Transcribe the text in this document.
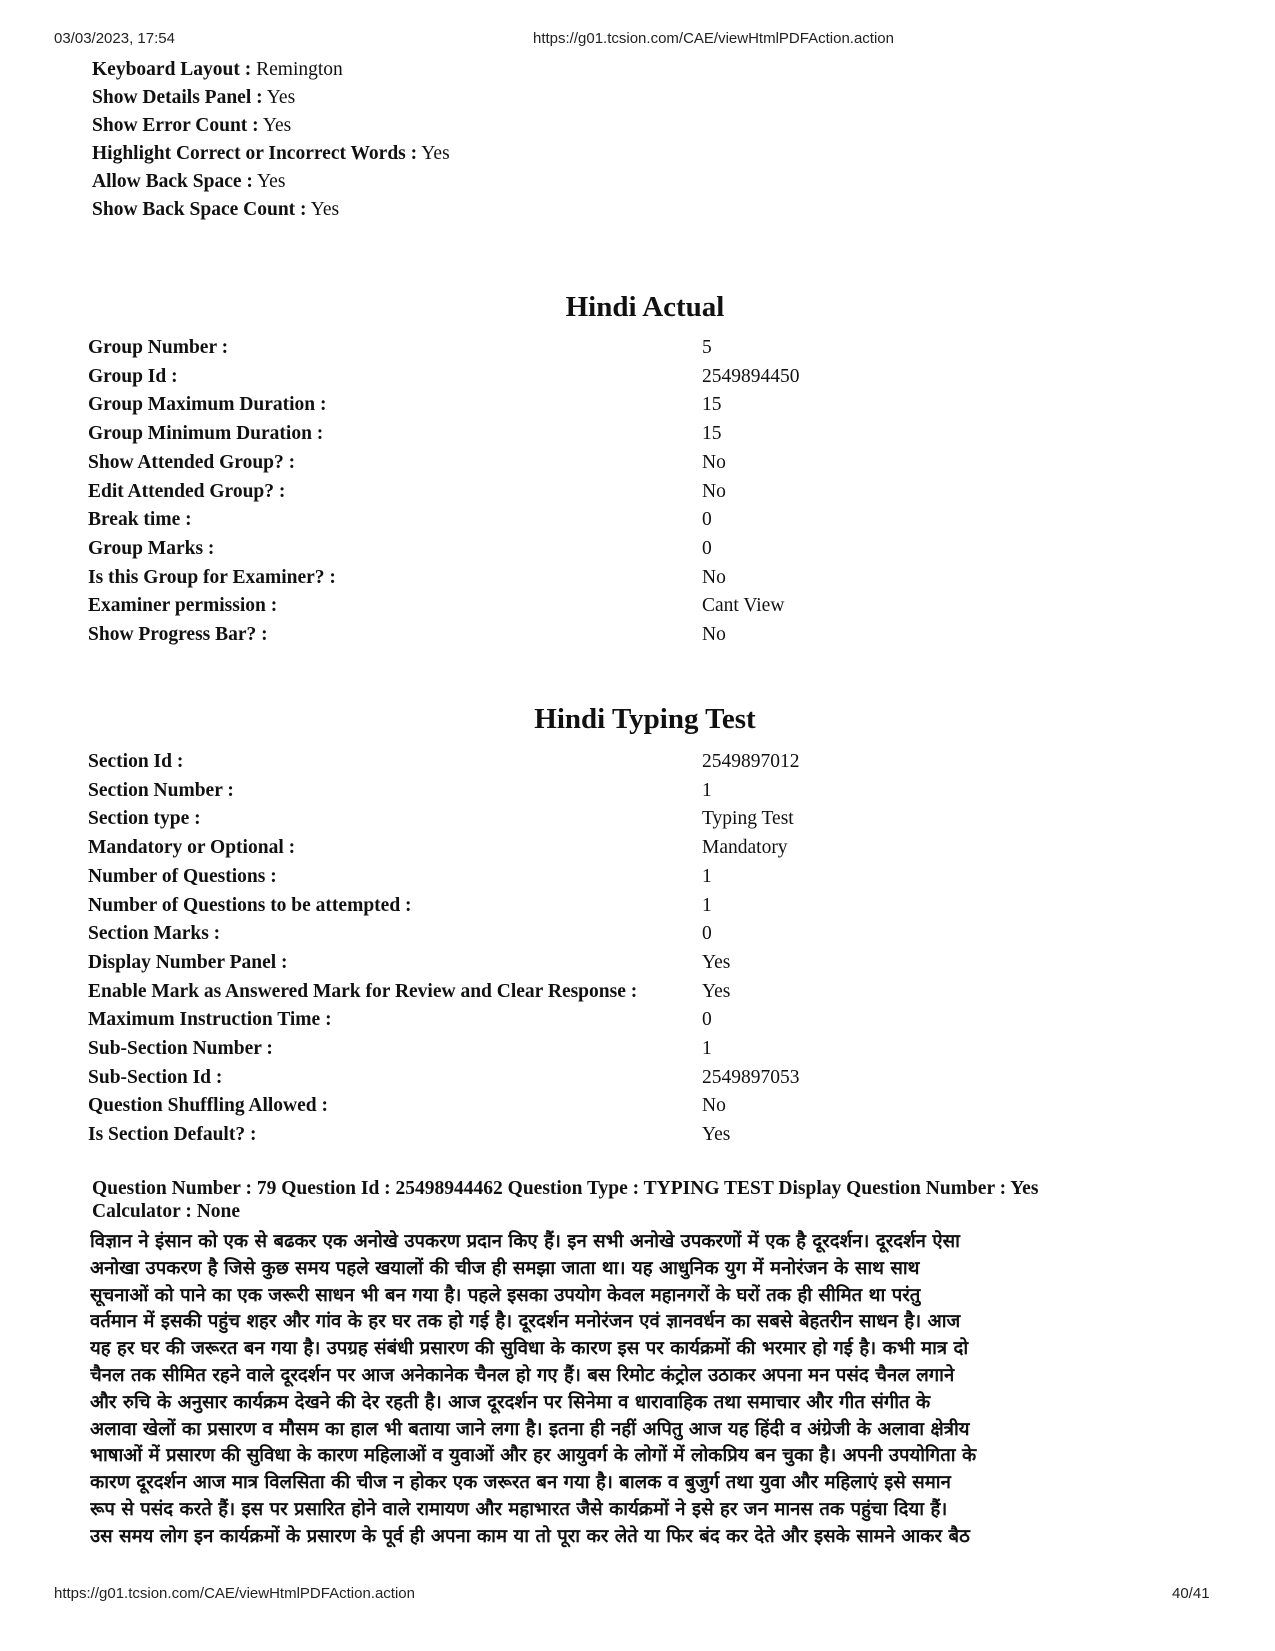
03/03/2023, 17:54	https://g01.tcsion.com/CAE/viewHtmlPDFAction.action
Keyboard Layout : Remington
Show Details Panel : Yes
Show Error Count : Yes
Highlight Correct or Incorrect Words : Yes
Allow Back Space : Yes
Show Back Space Count : Yes
Hindi Actual
Group Number :	5
Group Id :	2549894450
Group Maximum Duration :	15
Group Minimum Duration :	15
Show Attended Group? :	No
Edit Attended Group? :	No
Break time :	0
Group Marks :	0
Is this Group for Examiner? :	No
Examiner permission :	Cant View
Show Progress Bar? :	No
Hindi Typing Test
Section Id :	2549897012
Section Number :	1
Section type :	Typing Test
Mandatory or Optional :	Mandatory
Number of Questions :	1
Number of Questions to be attempted :	1
Section Marks :	0
Display Number Panel :	Yes
Enable Mark as Answered Mark for Review and Clear Response :	Yes
Maximum Instruction Time :	0
Sub-Section Number :	1
Sub-Section Id :	2549897053
Question Shuffling Allowed :	No
Is Section Default? :	Yes
Question Number : 79 Question Id : 25498944462 Question Type : TYPING TEST Display Question Number : Yes
Calculator : None
विज्ञान ने इंसान को एक से बढकर एक अनोखे उपकरण प्रदान किए हैं। इन सभी अनोखे उपकरणों में एक है दूरदर्शन। दूरदर्शन ऐसा
अनोखा उपकरण है जिसे कुछ समय पहले खयालों की चीज ही समझा जाता था। यह आधुनिक युग में मनोरंजन के साथ साथ
सूचनाओं को पाने का एक जरूरी साधन भी बन गया है। पहले इसका उपयोग केवल महानगरों के घरों तक ही सीमित था परंतु
वर्तमान में इसकी पहुंच शहर और गांव के हर घर तक हो गई है। दूरदर्शन मनोरंजन एवं ज्ञानवर्धन का सबसे बेहतरीन साधन है। आज
यह हर घर की जरूरत बन गया है। उपग्रह संबंधी प्रसारण की सुविधा के कारण इस पर कार्यक्रमों की भरमार हो गई है। कभी मात्र दो
चैनल तक सीमित रहने वाले दूरदर्शन पर आज अनेकानेक चैनल हो गए हैं। बस रिमोट कंट्रोल उठाकर अपना मन पसंद चैनल लगाने
और रुचि के अनुसार कार्यक्रम देखने की देर रहती है। आज दूरदर्शन पर सिनेमा व धारावाहिक तथा समाचार और गीत संगीत के
अलावा खेलों का प्रसारण व मौसम का हाल भी बताया जाने लगा है। इतना ही नहीं अपितु आज यह हिंदी व अंग्रेजी के अलावा क्षेत्रीय
भाषाओं में प्रसारण की सुविधा के कारण महिलाओं व युवाओं और हर आयुवर्ग के लोगों में लोकप्रिय बन चुका है। अपनी उपयोगिता के
कारण दूरदर्शन आज मात्र विलसिता की चीज न होकर एक जरूरत बन गया है। बालक व बुजुर्ग तथा युवा और महिलाएं इसे समान
रूप से पसंद करते हैं। इस पर प्रसारित होने वाले रामायण और महाभारत जैसे कार्यक्रमों ने इसे हर जन मानस तक पहुंचा दिया हैं।
उस समय लोग इन कार्यक्रमों के प्रसारण के पूर्व ही अपना काम या तो पूरा कर लेते या फिर बंद कर देते और इसके सामने आकर बैठ
https://g01.tcsion.com/CAE/viewHtmlPDFAction.action	40/41
